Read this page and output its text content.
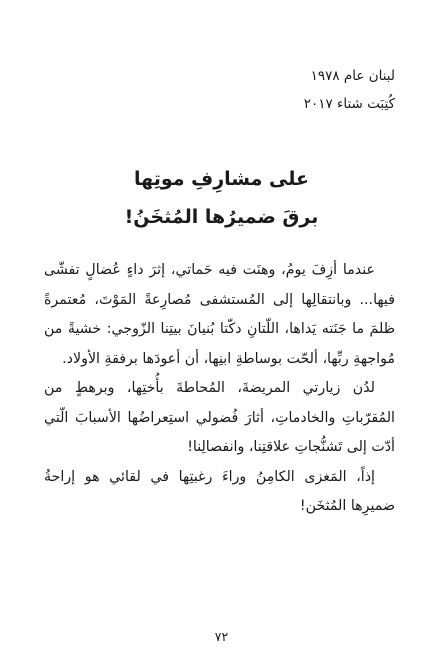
لبنان عام ١٩٧٨
كُتِبَت شتاء ٢٠١٧
على مشارِفِ موتِها
برقَ ضميرُها المُثخَنُ!

عندما أزِفَ يومُ، وهنَت فيه حَماتي، إثرَ داءٍ عُضالٍ تفشّى فيها... وبانتقالِها إلى المُستشفى مُصارِعةً المَوْتَ، مُعتمرةً ظلمَ ما جَنَته يَداها، اللّتانِ دكّتا بُنيانَ بيتِنا الزّوجي: خشيةً من مُواجهةِ ربِّها، ألحّت بوساطةِ ابنِها، أن أعودَها برفقةِ الأولاد.

لدُن زيارتي المريضةَ، المُحاطةَ بأُختِها، وبرهطٍ من المُقرّباتِ والخادماتِ، أثارَ فُضولي استِعراضُها الأسبابَ الّتي أدّت إلى تَشنُّجاتِ علاقتِنا، وانفصالِنا!

إذاً، المَغزى الكامِنُ وراءَ رغبتِها في لقائي هو إراحةُ ضميرِها المُثخَن!

٧٢
